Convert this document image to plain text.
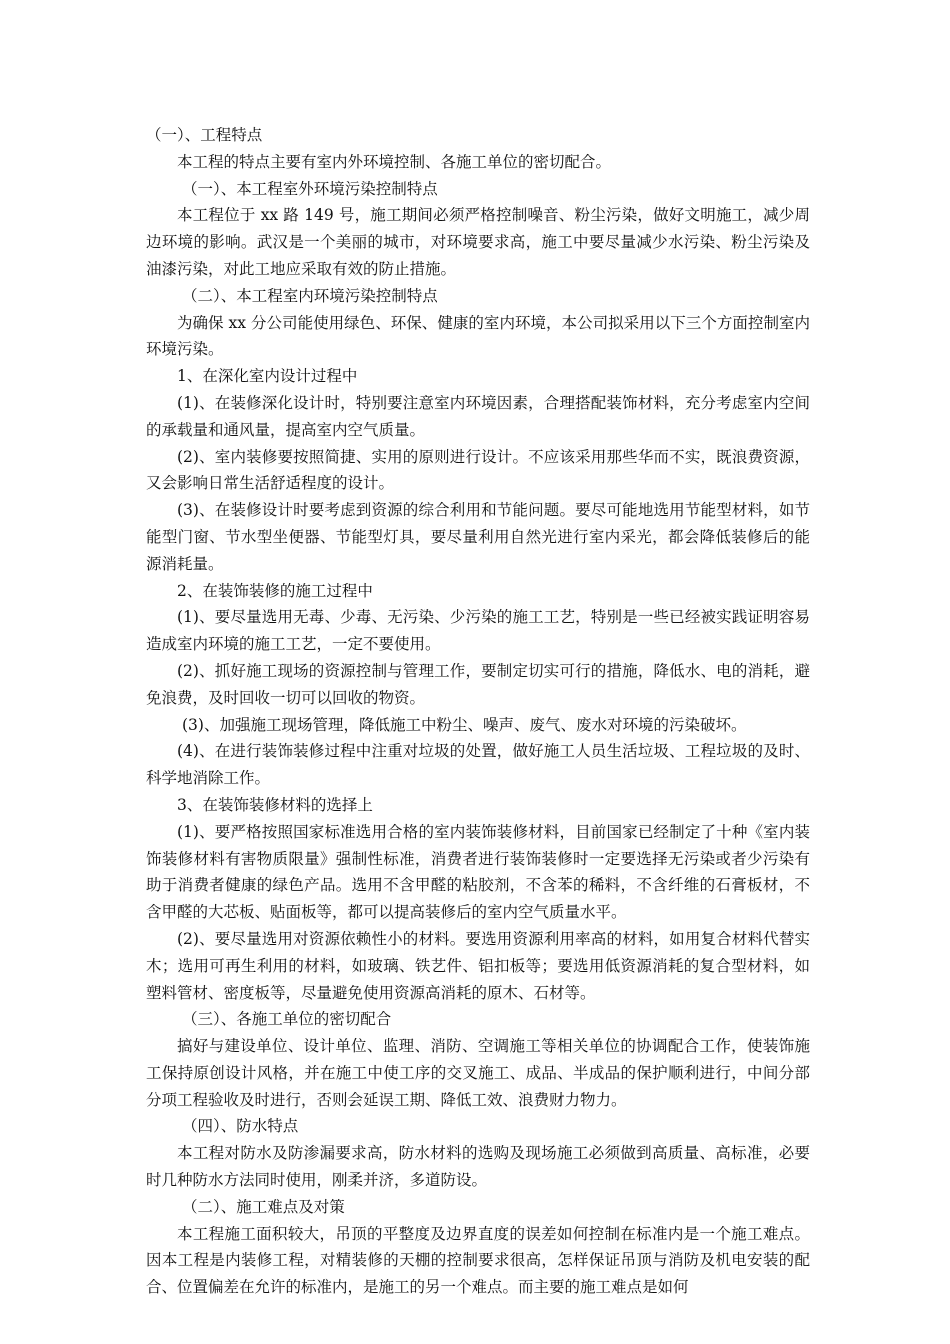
（一）、工程特点

本工程的特点主要有室内外环境控制、各施工单位的密切配合。

（一）、本工程室外环境污染控制特点

本工程位于 xx 路 149 号，施工期间必须严格控制噪音、粉尘污染，做好文明施工，减少周边环境的影响。武汉是一个美丽的城市，对环境要求高，施工中要尽量减少水污染、粉尘污染及油漆污染，对此工地应采取有效的防止措施。

（二）、本工程室内环境污染控制特点

为确保 xx 分公司能使用绿色、环保、健康的室内环境，本公司拟采用以下三个方面控制室内环境污染。

1、在深化室内设计过程中

(1)、在装修深化设计时，特别要注意室内环境因素，合理搭配装饰材料，充分考虑室内空间的承载量和通风量，提高室内空气质量。

(2)、室内装修要按照简捷、实用的原则进行设计。不应该采用那些华而不实，既浪费资源，又会影响日常生活舒适程度的设计。

(3)、在装修设计时要考虑到资源的综合利用和节能问题。要尽可能地选用节能型材料，如节能型门窗、节水型坐便器、节能型灯具，要尽量利用自然光进行室内采光，都会降低装修后的能源消耗量。

2、在装饰装修的施工过程中

(1)、要尽量选用无毒、少毒、无污染、少污染的施工工艺，特别是一些已经被实践证明容易造成室内环境的施工工艺，一定不要使用。

(2)、抓好施工现场的资源控制与管理工作，要制定切实可行的措施，降低水、电的消耗，避免浪费，及时回收一切可以回收的物资。

(3)、加强施工现场管理，降低施工中粉尘、噪声、废气、废水对环境的污染破坏。

(4)、在进行装饰装修过程中注重对垃圾的处置，做好施工人员生活垃圾、工程垃圾的及时、科学地消除工作。

3、在装饰装修材料的选择上

(1)、要严格按照国家标准选用合格的室内装饰装修材料，目前国家已经制定了十种《室内装饰装修材料有害物质限量》强制性标准，消费者进行装饰装修时一定要选择无污染或者少污染有助于消费者健康的绿色产品。选用不含甲醛的粘胶剂，不含苯的稀料，不含纤维的石膏板材，不含甲醛的大芯板、贴面板等，都可以提高装修后的室内空气质量水平。

(2)、要尽量选用对资源依赖性小的材料。要选用资源利用率高的材料，如用复合材料代替实木；选用可再生利用的材料，如玻璃、铁艺件、铝扣板等；要选用低资源消耗的复合型材料，如塑料管材、密度板等，尽量避免使用资源高消耗的原木、石材等。

（三）、各施工单位的密切配合

搞好与建设单位、设计单位、监理、消防、空调施工等相关单位的协调配合工作，使装饰施工保持原创设计风格，并在施工中使工序的交叉施工、成品、半成品的保护顺利进行，中间分部分项工程验收及时进行，否则会延误工期、降低工效、浪费财力物力。

（四）、防水特点

本工程对防水及防渗漏要求高，防水材料的选购及现场施工必须做到高质量、高标准，必要时几种防水方法同时使用，刚柔并济，多道防设。

（二）、施工难点及对策

本工程施工面积较大，吊顶的平整度及边界直度的误差如何控制在标准内是一个施工难点。因本工程是内装修工程，对精装修的天棚的控制要求很高，怎样保证吊顶与消防及机电安装的配合、位置偏差在允许的标准内，是施工的另一个难点。而主要的施工难点是如何
